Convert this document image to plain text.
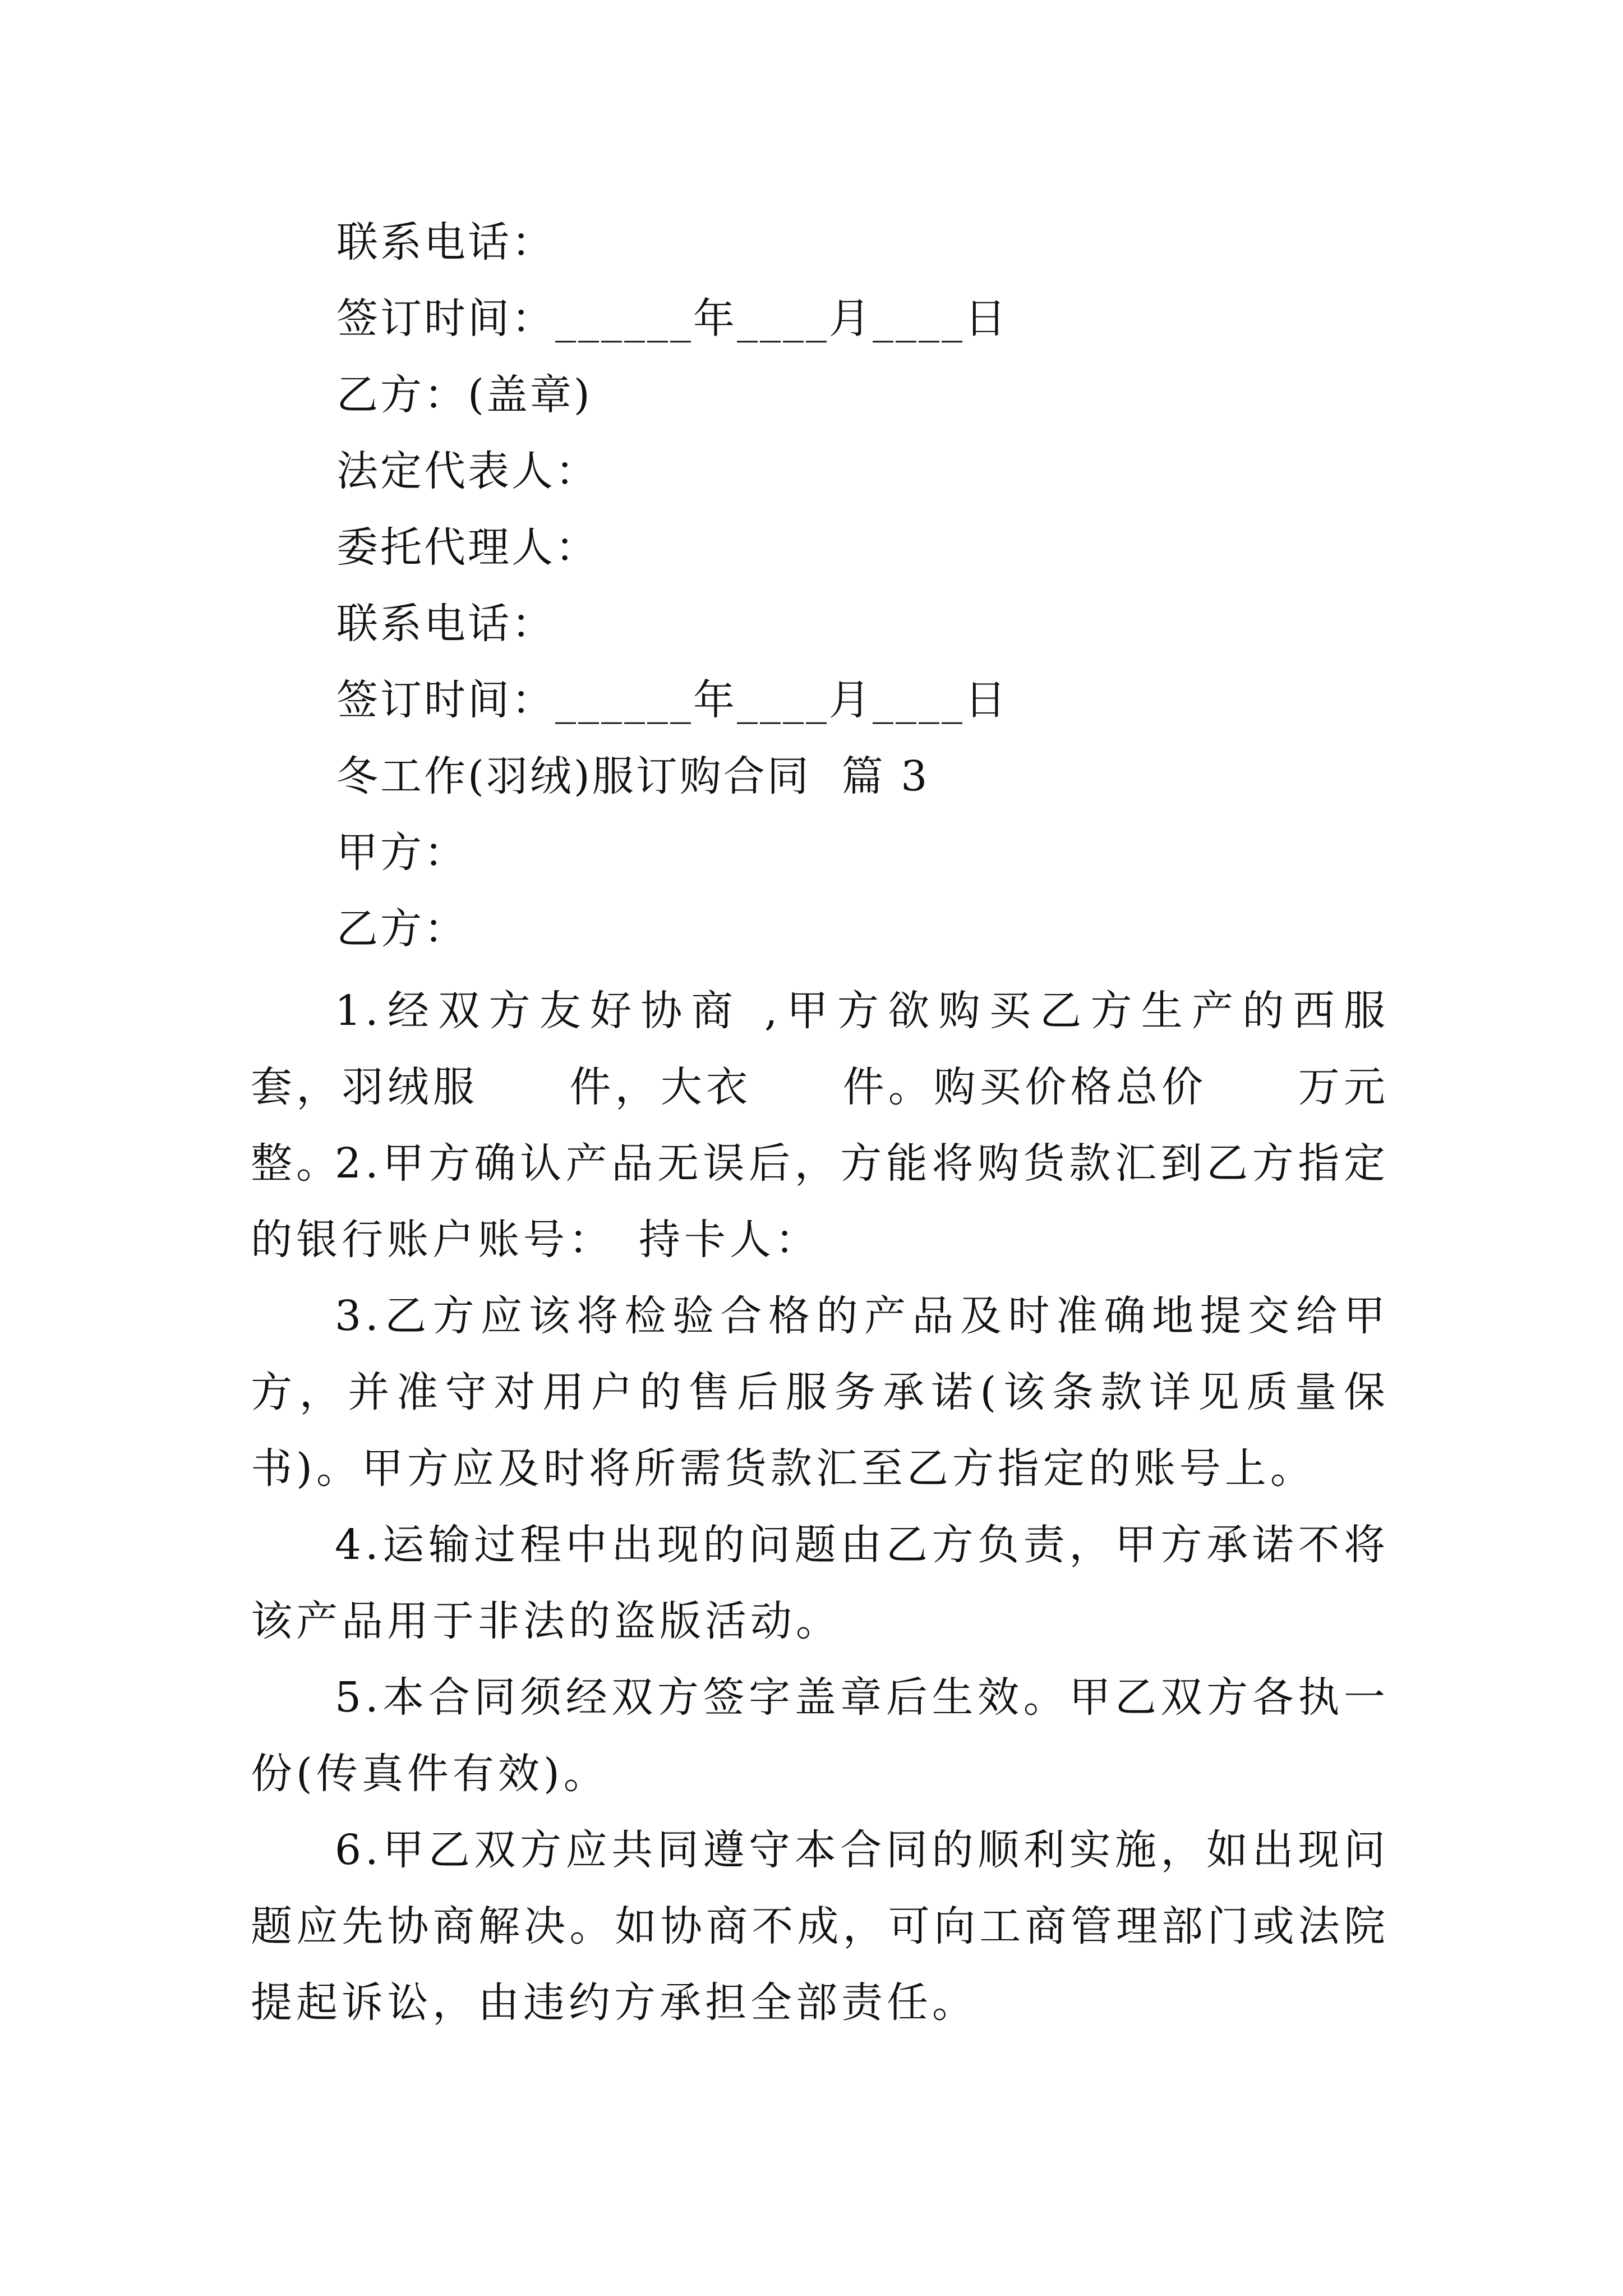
联系电话：
签订时间：______年____月____日
乙方：(盖章)
法定代表人：
委托代理人：
联系电话：
签订时间：______年____月____日
冬工作(羽绒)服订购合同  篇 3
甲方：
乙方：
1.经双方友好协商 ,甲方欲购买乙方生产的西服　　套，羽绒服　　件，大衣　　件。购买价格总价　　万元整。
2.甲方确认产品无误后，方能将购货款汇到乙方指定的银行账户账号：　持卡人：
3.乙方应该将检验合格的产品及时准确地提交给甲方，并准守对用户的售后服务承诺(该条款详见质量保书)。甲方应及时将所需货款汇至乙方指定的账号上。
4.运输过程中出现的问题由乙方负责，甲方承诺不将该产品用于非法的盗版活动。
5.本合同须经双方签字盖章后生效。甲乙双方各执一份(传真件有效)。
6.甲乙双方应共同遵守本合同的顺利实施，如出现问题应先协商解决。如协商不成，可向工商管理部门或法院提起诉讼，由违约方承担全部责任。
